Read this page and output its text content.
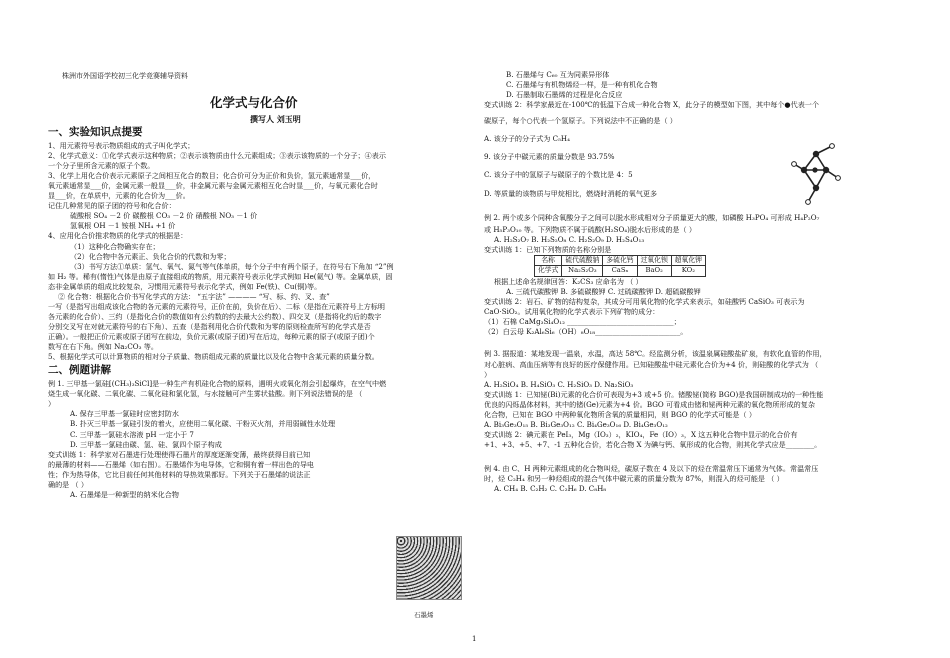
株洲市外国语学校初三化学竞赛辅导资料
化学式与化合价
撰写人 刘玉明
一、实验知识点提要

1、用元素符号表示物质组成的式子叫化学式；

2、化学式意义：①化学式表示这种物质；②表示该物质由什么元素组成；③表示该物质的一个分子；④表示

一个分子里所含元素的原子个数。

3、化学上用化合价表示元素原子之间相互化合的数目；化合价可分为正价和负价，氢元素通常显___价，

氧元素通常显___价，金属元素一般显___价，非金属元素与金属元素相互化合时显___价，与氧元素化合时

显___价，在单质中，元素的化合价为___价。

记住几种常见的原子团的符号和化合价：

硫酸根 SO₄ －2 价 碳酸根 CO₃ －2 价 硝酸根 NO₃ －1 价

氢氧根 OH －1 铵根 NH₄ +1 价

4、应用化合价推求物质的化学式的根据是：

（1）这种化合物确实存在；

（2）化合物中各元素正、负化合价的代数和为零；

（3）书写方法①单质：氢气、氧气、氮气等气体单质，每个分子中有两个原子，在符号右下角加 “2”例

如 H₂ 等。稀有(惰性)气体是由原子直接组成的物质，用元素符号表示化学式例如 He(氦气) 等。金属单质，固

态非金属单质的组成比较复杂，习惯用元素符号表示化学式，例如 Fe(铁)、Cu(铜)等。

② 化合物：根据化合价书写化学式的方法： “五字法” ———— “写、标、约、叉、查”

一写（是指写出组成该化合物的各元素的元素符号，正价在前，负价在后）、二标（是指在元素符号上方标明

各元素的化合价）、三约（是指化合价的数值如有公约数的约去最大公约数）、四交叉（是指将化约后的数字

分别交叉写在对就元素符号的右下角）、五查（是指利用化合价代数和为零的原则检查所写的化学式是否

正确）。一般把正价元素或原子团写在前边，负价元素(或原子团)写在后边，每种元素的原子(或原子团)个

数写在右下角。例如 Na₂CO₃ 等。

5、根据化学式可以计算物质的相对分子质量、物质组成元素的质量比以及化合物中含某元素的质量分数。

二、例题讲解

例 1. 三甲基一氯硅[(CH₃)₃SiCl]是一种生产有机硅化合物的原料，遇明火或氧化剂会引起爆炸，在空气中燃

烧生成一氧化碳、二氧化碳、二氧化硅和氯化氢，与水接触可产生雾状盐酸。则下列说法错误的是 （

）

A. 保存三甲基一氯硅时应密封防水

B. 扑灭三甲基一氯硅引发的着火，应使用二氧化碳、干粉灭火剂，并用弱碱性水处理

C. 三甲基一氯硅水溶液 pH 一定小于 7

D. 三甲基一氯硅由碳、氢、硅、氯四个原子构成

变式训练 1：科学家对石墨进行处理使得石墨片的厚度逐渐变薄，最终获得目前已知

的最薄的材料——石墨烯（如右图）。石墨烯作为电导体，它和铜有着一样出色的导电

性；作为热导体，它比目前任何其他材料的导热效果都好。下列关于石墨烯的说法正

确的是 （ ）

A. 石墨烯是一种新型的纳米化合物

石墨烯

B. 石墨烯与 C₆₀ 互为同素异形体

C. 石墨烯与有机物烯烃一样，是一种有机化合物

D. 石墨制取石墨烯的过程是化合反应

变式训练 2：科学家最近在-100℃的低温下合成一种化合物 X，此分子的模型如下图，其中每个●代表一个

碳原子，每个○代表一个氢原子。下列说法中不正确的是（ ）

A. 该分子的分子式为 C₅H₄

9. 该分子中碳元素的质量分数是 93.75%

C. 该分子中的氢原子与碳原子的个数比是 4：5

D. 等质量的该物质与甲烷相比，燃烧时消耗的氧气更多

例 2. 两个或多个同种含氧酸分子之间可以脱水形成相对分子质量更大的酸，如磷酸 H₃PO₄ 可形成 H₄P₂O₇

或 H₅P₃O₁₀ 等。下列物质不属于硫酸(H₂SO₄)脱水后形成的是（ ）

A. H₂S₂O₇ B. H₂S₂O₈ C. H₂S₂O₉ D. H₂S₄O₁₃

变式训练 1：已知下列物质的名称分别是

名称	硫代硫酸钠	多硫化钙	过氧化钡	超氧化钾
化学式	Na₂S₂O₃	CaSₓ	BaO₂	KO₂

根据上述命名规律回答：K₂CS₃ 应命名为 （ ）

A. 三硫代碳酸钾 B. 多硫碳酸钾 C. 过硫碳酸钾 D. 超硫碳酸钾

变式训练 2：岩石、矿物的结构复杂，其成分可用氧化物的化学式来表示，如硅酸钙 CaSiO₃ 可表示为

CaO·SiO₂。试用氧化物的化学式表示下列矿物的成分：

（1）石棉 CaMg₃Si₄O₁₂ ______________________________；

（2）白云母 K₂Al₆Si₆（OH）₈O₁₈________________________。

例 3. 据报道：某地发现一温泉，水温，高达 58℃。经监测分析，该温泉属硅酸盐矿泉，有软化血管的作用，

对心脏病、高血压病等有良好的医疗保健作用。已知硅酸盐中硅元素化合价为+4 价，则硅酸的化学式为 （

）

A. H₂SiO₄ B. H₄SiO₃ C. H₂SiO₃ D. Na₂SiO₃

变式训练 1：已知铋(Bi)元素的化合价可表现为+3 或+5 价。锗酸铋(简称 BGO)是我国研制成功的一种性能

优良的闪烁晶体材料，其中的锗(Ge)元素为+4 价。BGO 可看成由锗和铋两种元素的氧化物所形成的复杂

化合物，已知在 BGO 中两种氧化物所含氧的质量相同，则 BGO 的化学式可能是（ ）

A. Bi₃Ge₃O₁₅ B. Bi₃Ge₃O₁₂ C. Bi₄Ge₃O₁₆ D. Bi₄Ge₃O₁₂

变式训练 2：碘元素在 PeI₃，Mg（IO₃）₂，KIO₄，Fe（IO）₃，X 这五种化合物中显示的化合价有

+1、+3、+5、+7、-1 五种化合价，若化合物 X 为碘与钙、氧形成的化合物，则其化学式应是________。

例 4. 由 C、H 两种元素组成的化合物叫烃，碳原子数在 4 及以下的烃在常温常压下通常为气体。常温常压

时，烃 C₂H₄ 和另一种烃组成的混合气体中碳元素的质量分数为 87%，则混入的烃可能是 （ ）

A. CH₄ B. C₂H₂ C. C₂H₆ D. C₈H₈

1
